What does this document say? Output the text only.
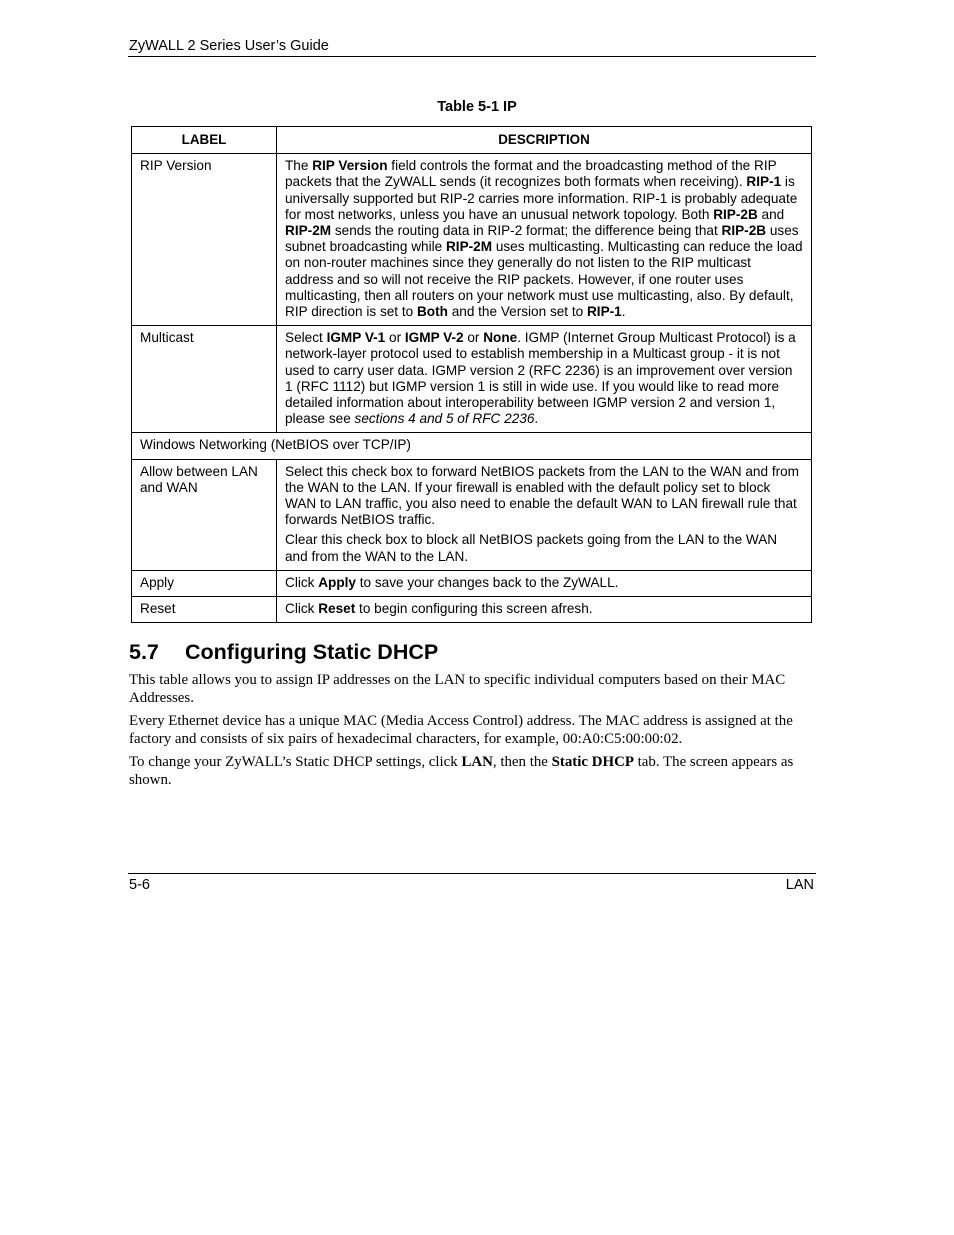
ZyWALL 2 Series User’s Guide
Table 5-1 IP
LABEL	DESCRIPTION
RIP Version	The RIP Version field controls the format and the broadcasting method of the RIP packets that the ZyWALL sends (it recognizes both formats when receiving). RIP-1 is universally supported but RIP-2 carries more information. RIP-1 is probably adequate for most networks, unless you have an unusual network topology. Both RIP-2B and RIP-2M sends the routing data in RIP-2 format; the difference being that RIP-2B uses subnet broadcasting while RIP-2M uses multicasting. Multicasting can reduce the load on non-router machines since they generally do not listen to the RIP multicast address and so will not receive the RIP packets. However, if one router uses multicasting, then all routers on your network must use multicasting, also. By default, RIP direction is set to Both and the Version set to RIP-1.

Multicast	Select IGMP V-1 or IGMP V-2 or None. IGMP (Internet Group Multicast Protocol) is a network-layer protocol used to establish membership in a Multicast group - it is not used to carry user data. IGMP version 2 (RFC 2236) is an improvement over version 1 (RFC 1112) but IGMP version 1 is still in wide use. If you would like to read more detailed information about interoperability between IGMP version 2 and version 1, please see sections 4 and 5 of RFC 2236.

Windows Networking (NetBIOS over TCP/IP)	
Allow between LAN and WAN	Select this check box to forward NetBIOS packets from the LAN to the WAN and from the WAN to the LAN. If your firewall is enabled with the default policy set to block WAN to LAN traffic, you also need to enable the default WAN to LAN firewall rule that forwards NetBIOS traffic.

Clear this check box to block all NetBIOS packets going from the LAN to the WAN and from the WAN to the LAN.

Apply	Click Apply to save your changes back to the ZyWALL.

Reset	Click Reset to begin configuring this screen afresh.

5.7 Configuring Static DHCP

This table allows you to assign IP addresses on the LAN to specific individual computers based on their MAC Addresses.

Every Ethernet device has a unique MAC (Media Access Control) address. The MAC address is assigned at the factory and consists of six pairs of hexadecimal characters, for example, 00:A0:C5:00:00:02.

To change your ZyWALL’s Static DHCP settings, click LAN, then the Static DHCP tab. The screen appears as shown.

5-6	LAN
